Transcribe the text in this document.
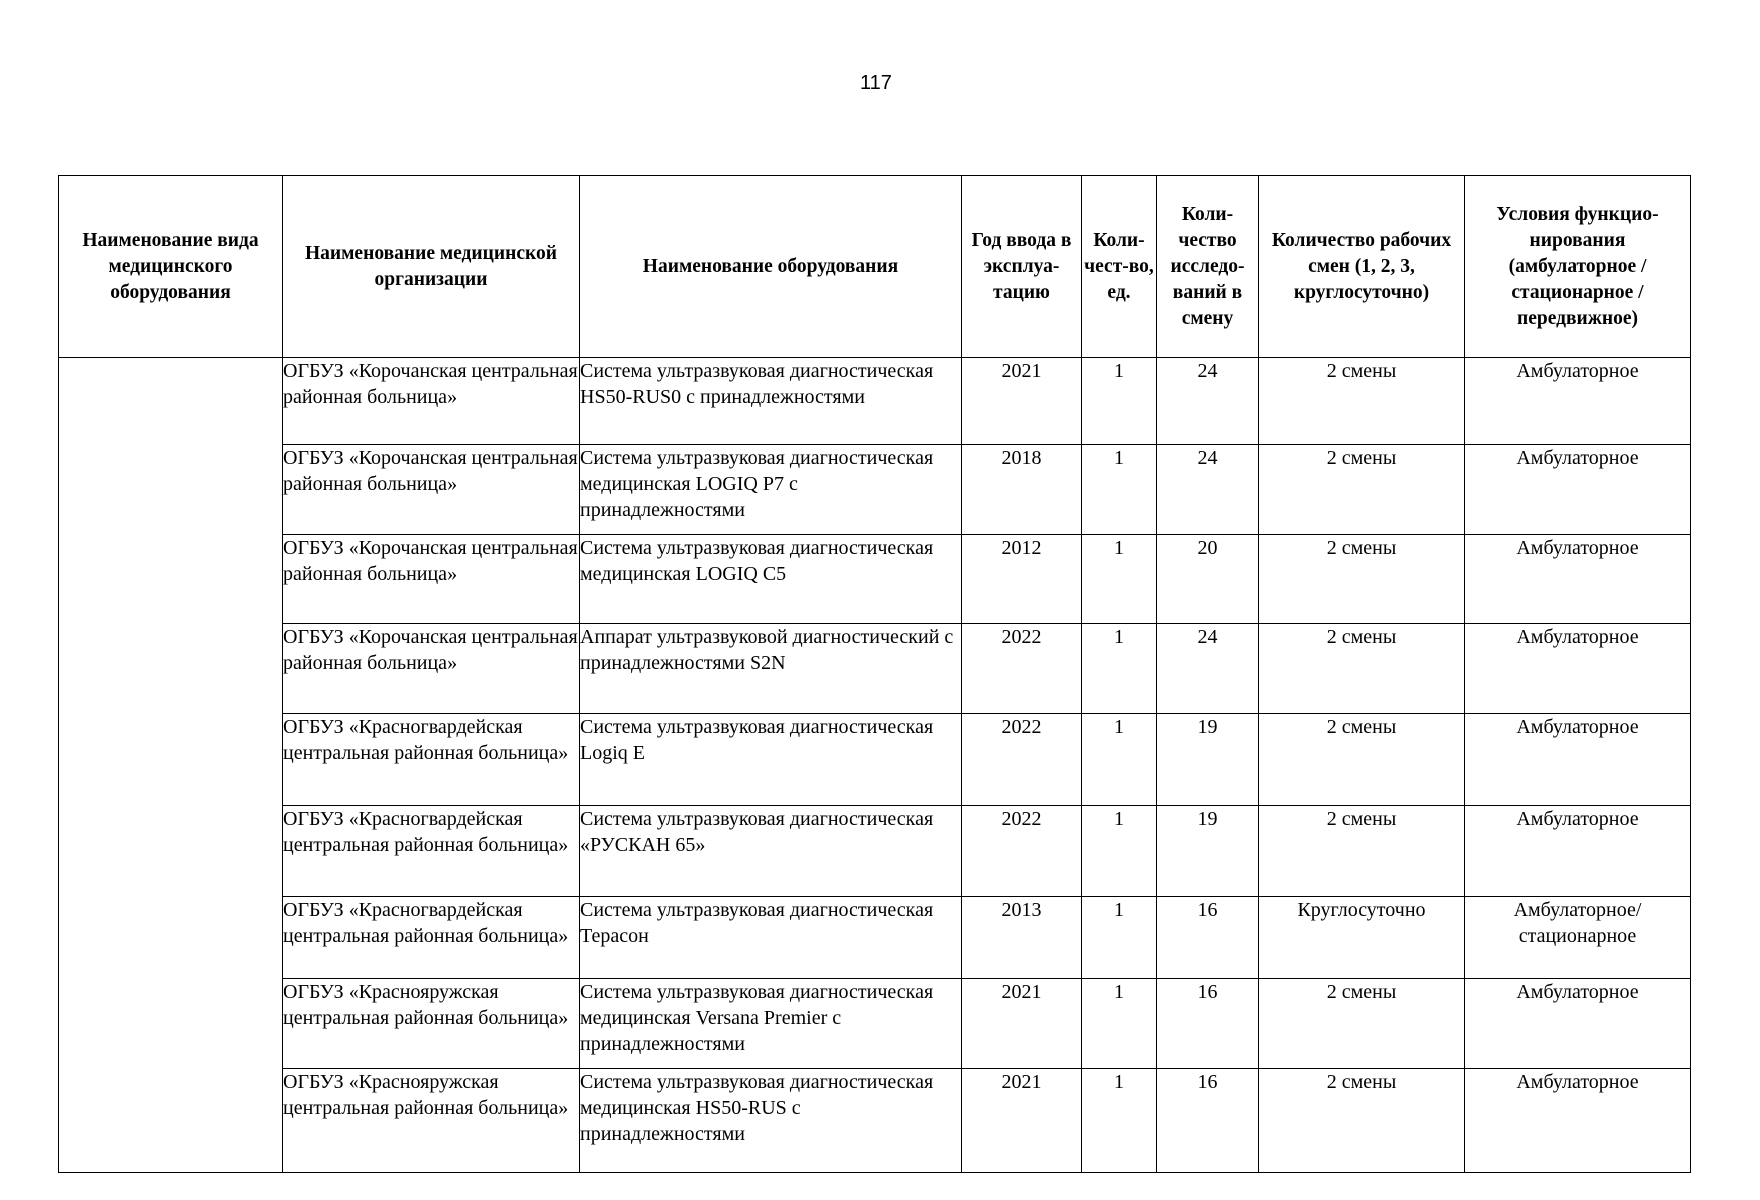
117
Наименование вида медицинского оборудования	Наименование медицинской организации	Наименование оборудования	Год ввода в эксплуа-тацию	Коли-чест-во, ед.	Коли-чество исследо-ваний в смену	Количество рабочих смен (1, 2, 3, круглосуточно)	Условия функцио-нирования (амбулаторное / стационарное / передвижное)
	ОГБУЗ «Корочанская центральная районная больница»	Система ультразвуковая диагностическая HS50-RUS0 с принадлежностями	2021	1	24	2 смены	Амбулаторное
	ОГБУЗ «Корочанская центральная районная больница»	Система ультразвуковая диагностическая медицинская LOGIQ P7 с принадлежностями	2018	1	24	2 смены	Амбулаторное
	ОГБУЗ «Корочанская центральная районная больница»	Система ультразвуковая диагностическая медицинская LOGIQ C5	2012	1	20	2 смены	Амбулаторное
	ОГБУЗ «Корочанская центральная районная больница»	Аппарат ультразвуковой диагностический с принадлежностями S2N	2022	1	24	2 смены	Амбулаторное
	ОГБУЗ «Красногвардейская центральная районная больница»	Система ультразвуковая диагностическая Logiq E	2022	1	19	2 смены	Амбулаторное
	ОГБУЗ «Красногвардейская центральная районная больница»	Система ультразвуковая диагностическая «РУСКАН 65»	2022	1	19	2 смены	Амбулаторное
	ОГБУЗ «Красногвардейская центральная районная больница»	Система ультразвуковая диагностическая Терасон	2013	1	16	Круглосуточно	Амбулаторное/ стационарное
	ОГБУЗ «Краснояружская центральная районная больница»	Система ультразвуковая диагностическая медицинская Versana Premier с принадлежностями	2021	1	16	2 смены	Амбулаторное
	ОГБУЗ «Краснояружская центральная районная больница»	Система ультразвуковая диагностическая медицинская HS50-RUS с принадлежностями	2021	1	16	2 смены	Амбулаторное
